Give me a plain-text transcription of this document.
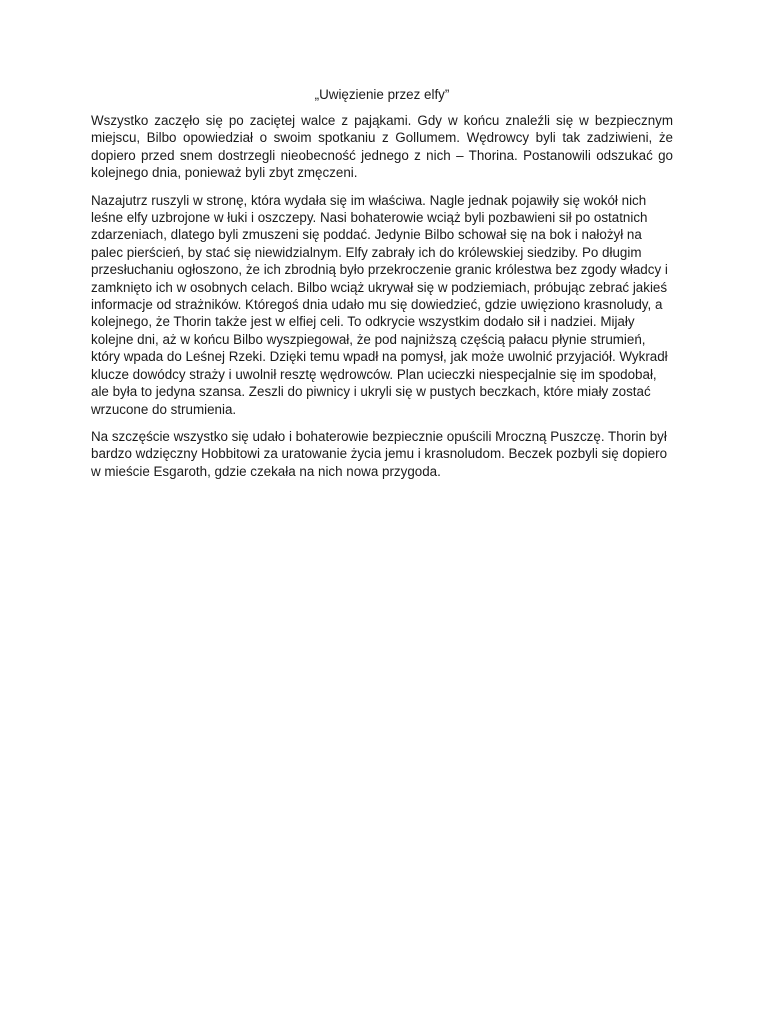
„Uwięzienie przez elfy”

Wszystko zaczęło się po zaciętej walce z pająkami. Gdy w końcu znaleźli się w bezpiecznym miejscu, Bilbo opowiedział o swoim spotkaniu z Gollumem. Wędrowcy byli tak zadziwieni, że dopiero przed snem dostrzegli nieobecność jednego z nich – Thorina. Postanowili odszukać go kolejnego dnia, ponieważ byli zbyt zmęczeni.

Nazajutrz ruszyli w stronę, która wydała się im właściwa. Nagle jednak pojawiły się wokół nich leśne elfy uzbrojone w łuki i oszczepy. Nasi bohaterowie wciąż byli pozbawieni sił po ostatnich zdarzeniach, dlatego byli zmuszeni się poddać. Jedynie Bilbo schował się na bok i nałożył na palec pierścień, by stać się niewidzialnym. Elfy zabrały ich do królewskiej siedziby. Po długim przesłuchaniu ogłoszono, że ich zbrodnią było przekroczenie granic królestwa bez zgody władcy i zamknięto ich w osobnych celach. Bilbo wciąż ukrywał się w podziemiach, próbując zebrać jakieś informacje od strażników. Któregoś dnia udało mu się dowiedzieć, gdzie uwięziono krasnoludy, a kolejnego, że Thorin także jest w elfiej celi. To odkrycie wszystkim dodało sił i nadziei. Mijały kolejne dni, aż w końcu Bilbo wyszpiegował, że pod najniższą częścią pałacu płynie strumień, który wpada do Leśnej Rzeki. Dzięki temu wpadł na pomysł, jak może uwolnić przyjaciół. Wykradł klucze dowódcy straży i uwolnił resztę wędrowców. Plan ucieczki niespecjalnie się im spodobał, ale była to jedyna szansa. Zeszli do piwnicy i ukryli się w pustych beczkach, które miały zostać wrzucone do strumienia.

Na szczęście wszystko się udało i bohaterowie bezpiecznie opuścili Mroczną Puszczę. Thorin był bardzo wdzięczny Hobbitowi za uratowanie życia jemu i krasnoludom. Beczek pozbyli się dopiero w mieście Esgaroth, gdzie czekała na nich nowa przygoda.
